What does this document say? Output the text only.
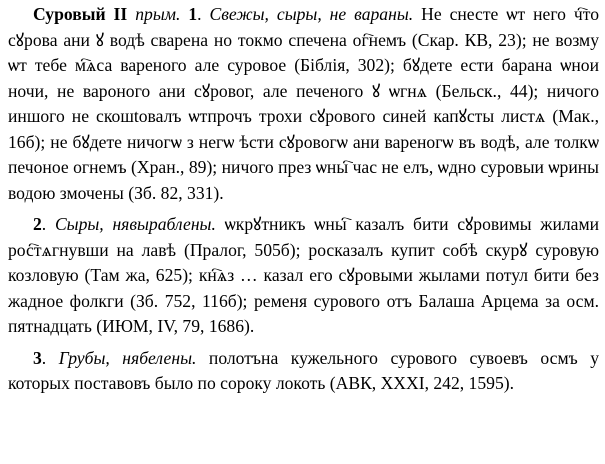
Суровый II прым. 1. Свежы, сыры, не вараны. Не снесте ѡт него ч҇то сꙋрова ани ꙋ водѣ сварена но токмо спечена ог҇немъ (Скар. КВ, 23); не возму ѡт тебе м҇ѧса вареного але суровое (Біблія, 302); бꙋдете ести барана ѡнои ночи, не вароного ани сꙋровог, але печеного ꙋ ѡгнѧ (Бельск., 44); ничого иншого не скошtовалъ ѡтпрочъ трохи сꙋрового синей капꙋсты листѧ (Мак., 16б); не бꙋдете ничогѡ з негѡ ѣсти сꙋровогѡ ани вареногѡ въ водѣ, але толкѡ печоное огнемъ (Хран., 89); ничого през ѡны҇ час не елъ, ѡдно суровыи ѡрины водою змочены (Зб. 82, 331).

2. Сыры, нявыраблены. ѡкрꙋтникъ ѡны҇ казалъ бити сꙋровимы жилами рос҇тѧгнувши на лавѣ (Пралог, 505б); росказалъ купит собѣ скурꙋ суровую козловую (Там жа, 625); кн҇ѧз … казал его сꙋровыми жылами потул бити без жадное фолкги (Зб. 752, 116б); ременя сурового отъ Балаша Арцема за осм. пятнадцать (ИЮМ, IV, 79, 1686).

3. Грубы, нябелены. полотъна кужельного сурового сувоевъ осмъ у которых поставовъ было по сороку локоть (АВК, XXXI, 242, 1595).
